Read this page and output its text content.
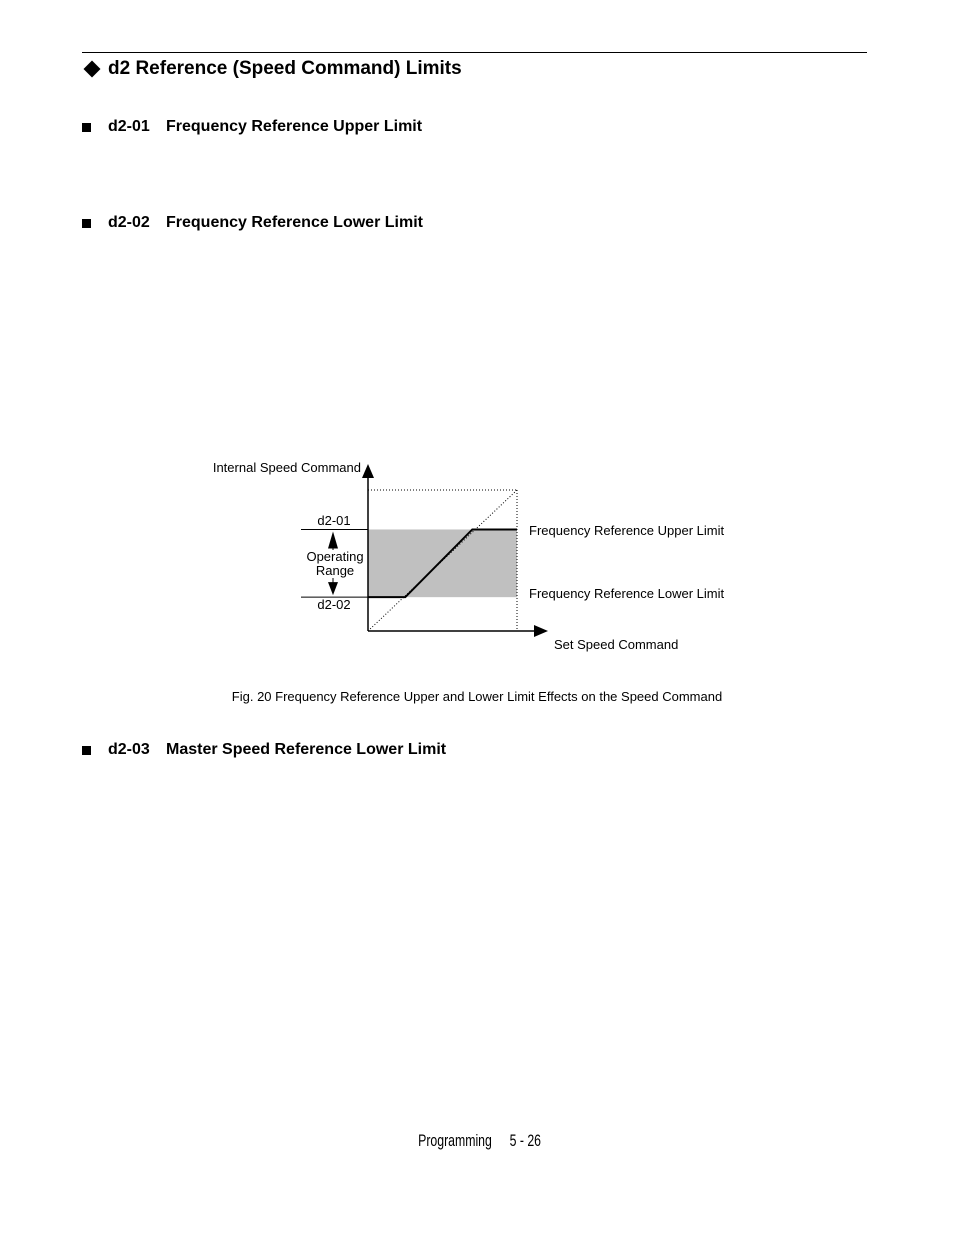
d2 Reference (Speed Command) Limits
d2-01	Frequency Reference Upper Limit
d2-02	Frequency Reference Lower Limit
Internal Speed Command
Set Speed Command
d2-01
d2-02
Operating
Range
Frequency Reference Upper Limit
Frequency Reference Lower Limit
Fig. 20 Frequency Reference Upper and Lower Limit Effects on the Speed Command
d2-03	Master Speed Reference Lower Limit
Programming 5 - 26
